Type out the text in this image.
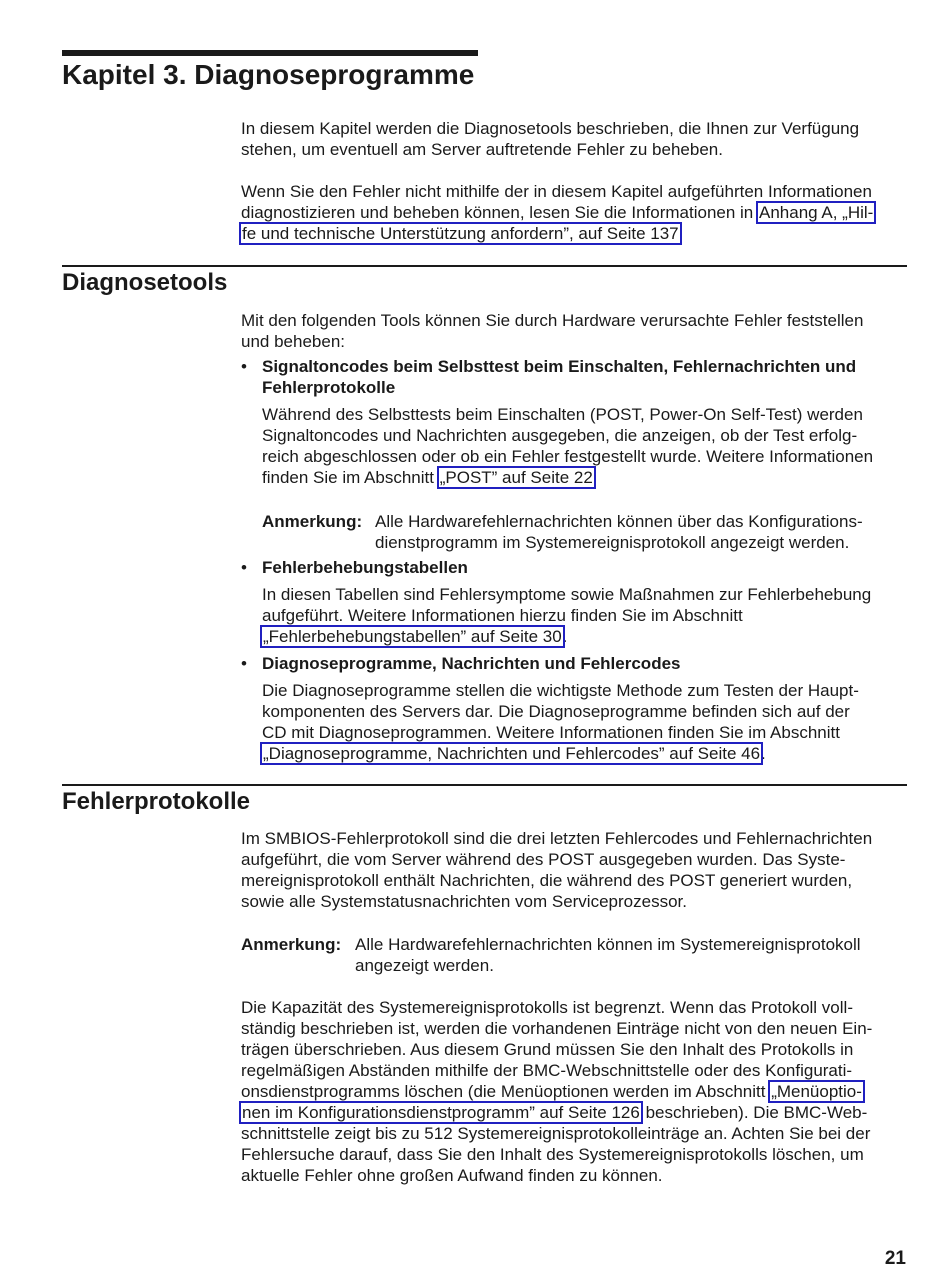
Kapitel 3. Diagnoseprogramme
In diesem Kapitel werden die Diagnosetools beschrieben, die Ihnen zur Verfügung
stehen, um eventuell am Server auftretende Fehler zu beheben.
Wenn Sie den Fehler nicht mithilfe der in diesem Kapitel aufgeführten Informationen
diagnostizieren und beheben können, lesen Sie die Informationen in Anhang A, „Hil-
fe und technische Unterstützung anfordern”, auf Seite 137
Diagnosetools
Mit den folgenden Tools können Sie durch Hardware verursachte Fehler feststellen
und beheben:
• Signaltoncodes beim Selbsttest beim Einschalten, Fehlernachrichten und
Fehlerprotokolle
Während des Selbsttests beim Einschalten (POST, Power-On Self-Test) werden
Signaltoncodes und Nachrichten ausgegeben, die anzeigen, ob der Test erfolg-
reich abgeschlossen oder ob ein Fehler festgestellt wurde. Weitere Informationen
finden Sie im Abschnitt „POST” auf Seite 22
Anmerkung: Alle Hardwarefehlernachrichten können über das Konfigurations-
dienstprogramm im Systemereignisprotokoll angezeigt werden.
• Fehlerbehebungstabellen
In diesen Tabellen sind Fehlersymptome sowie Maßnahmen zur Fehlerbehebung
aufgeführt. Weitere Informationen hierzu finden Sie im Abschnitt
„Fehlerbehebungstabellen” auf Seite 30.
• Diagnoseprogramme, Nachrichten und Fehlercodes
Die Diagnoseprogramme stellen die wichtigste Methode zum Testen der Haupt-
komponenten des Servers dar. Die Diagnoseprogramme befinden sich auf der
CD mit Diagnoseprogrammen. Weitere Informationen finden Sie im Abschnitt
„Diagnoseprogramme, Nachrichten und Fehlercodes” auf Seite 46.
Fehlerprotokolle
Im SMBIOS-Fehlerprotokoll sind die drei letzten Fehlercodes und Fehlernachrichten
aufgeführt, die vom Server während des POST ausgegeben wurden. Das Syste-
mereignisprotokoll enthält Nachrichten, die während des POST generiert wurden,
sowie alle Systemstatusnachrichten vom Serviceprozessor.
Anmerkung: Alle Hardwarefehlernachrichten können im Systemereignisprotokoll
angezeigt werden.
Die Kapazität des Systemereignisprotokolls ist begrenzt. Wenn das Protokoll voll-
ständig beschrieben ist, werden die vorhandenen Einträge nicht von den neuen Ein-
trägen überschrieben. Aus diesem Grund müssen Sie den Inhalt des Protokolls in
regelmäßigen Abständen mithilfe der BMC-Webschnittstelle oder des Konfigurati-
onsdienstprogramms löschen (die Menüoptionen werden im Abschnitt „Menüoptio-
nen im Konfigurationsdienstprogramm” auf Seite 126 beschrieben). Die BMC-Web-
schnittstelle zeigt bis zu 512 Systemereignisprotokolleinträge an. Achten Sie bei der
Fehlersuche darauf, dass Sie den Inhalt des Systemereignisprotokolls löschen, um
aktuelle Fehler ohne großen Aufwand finden zu können.
21
